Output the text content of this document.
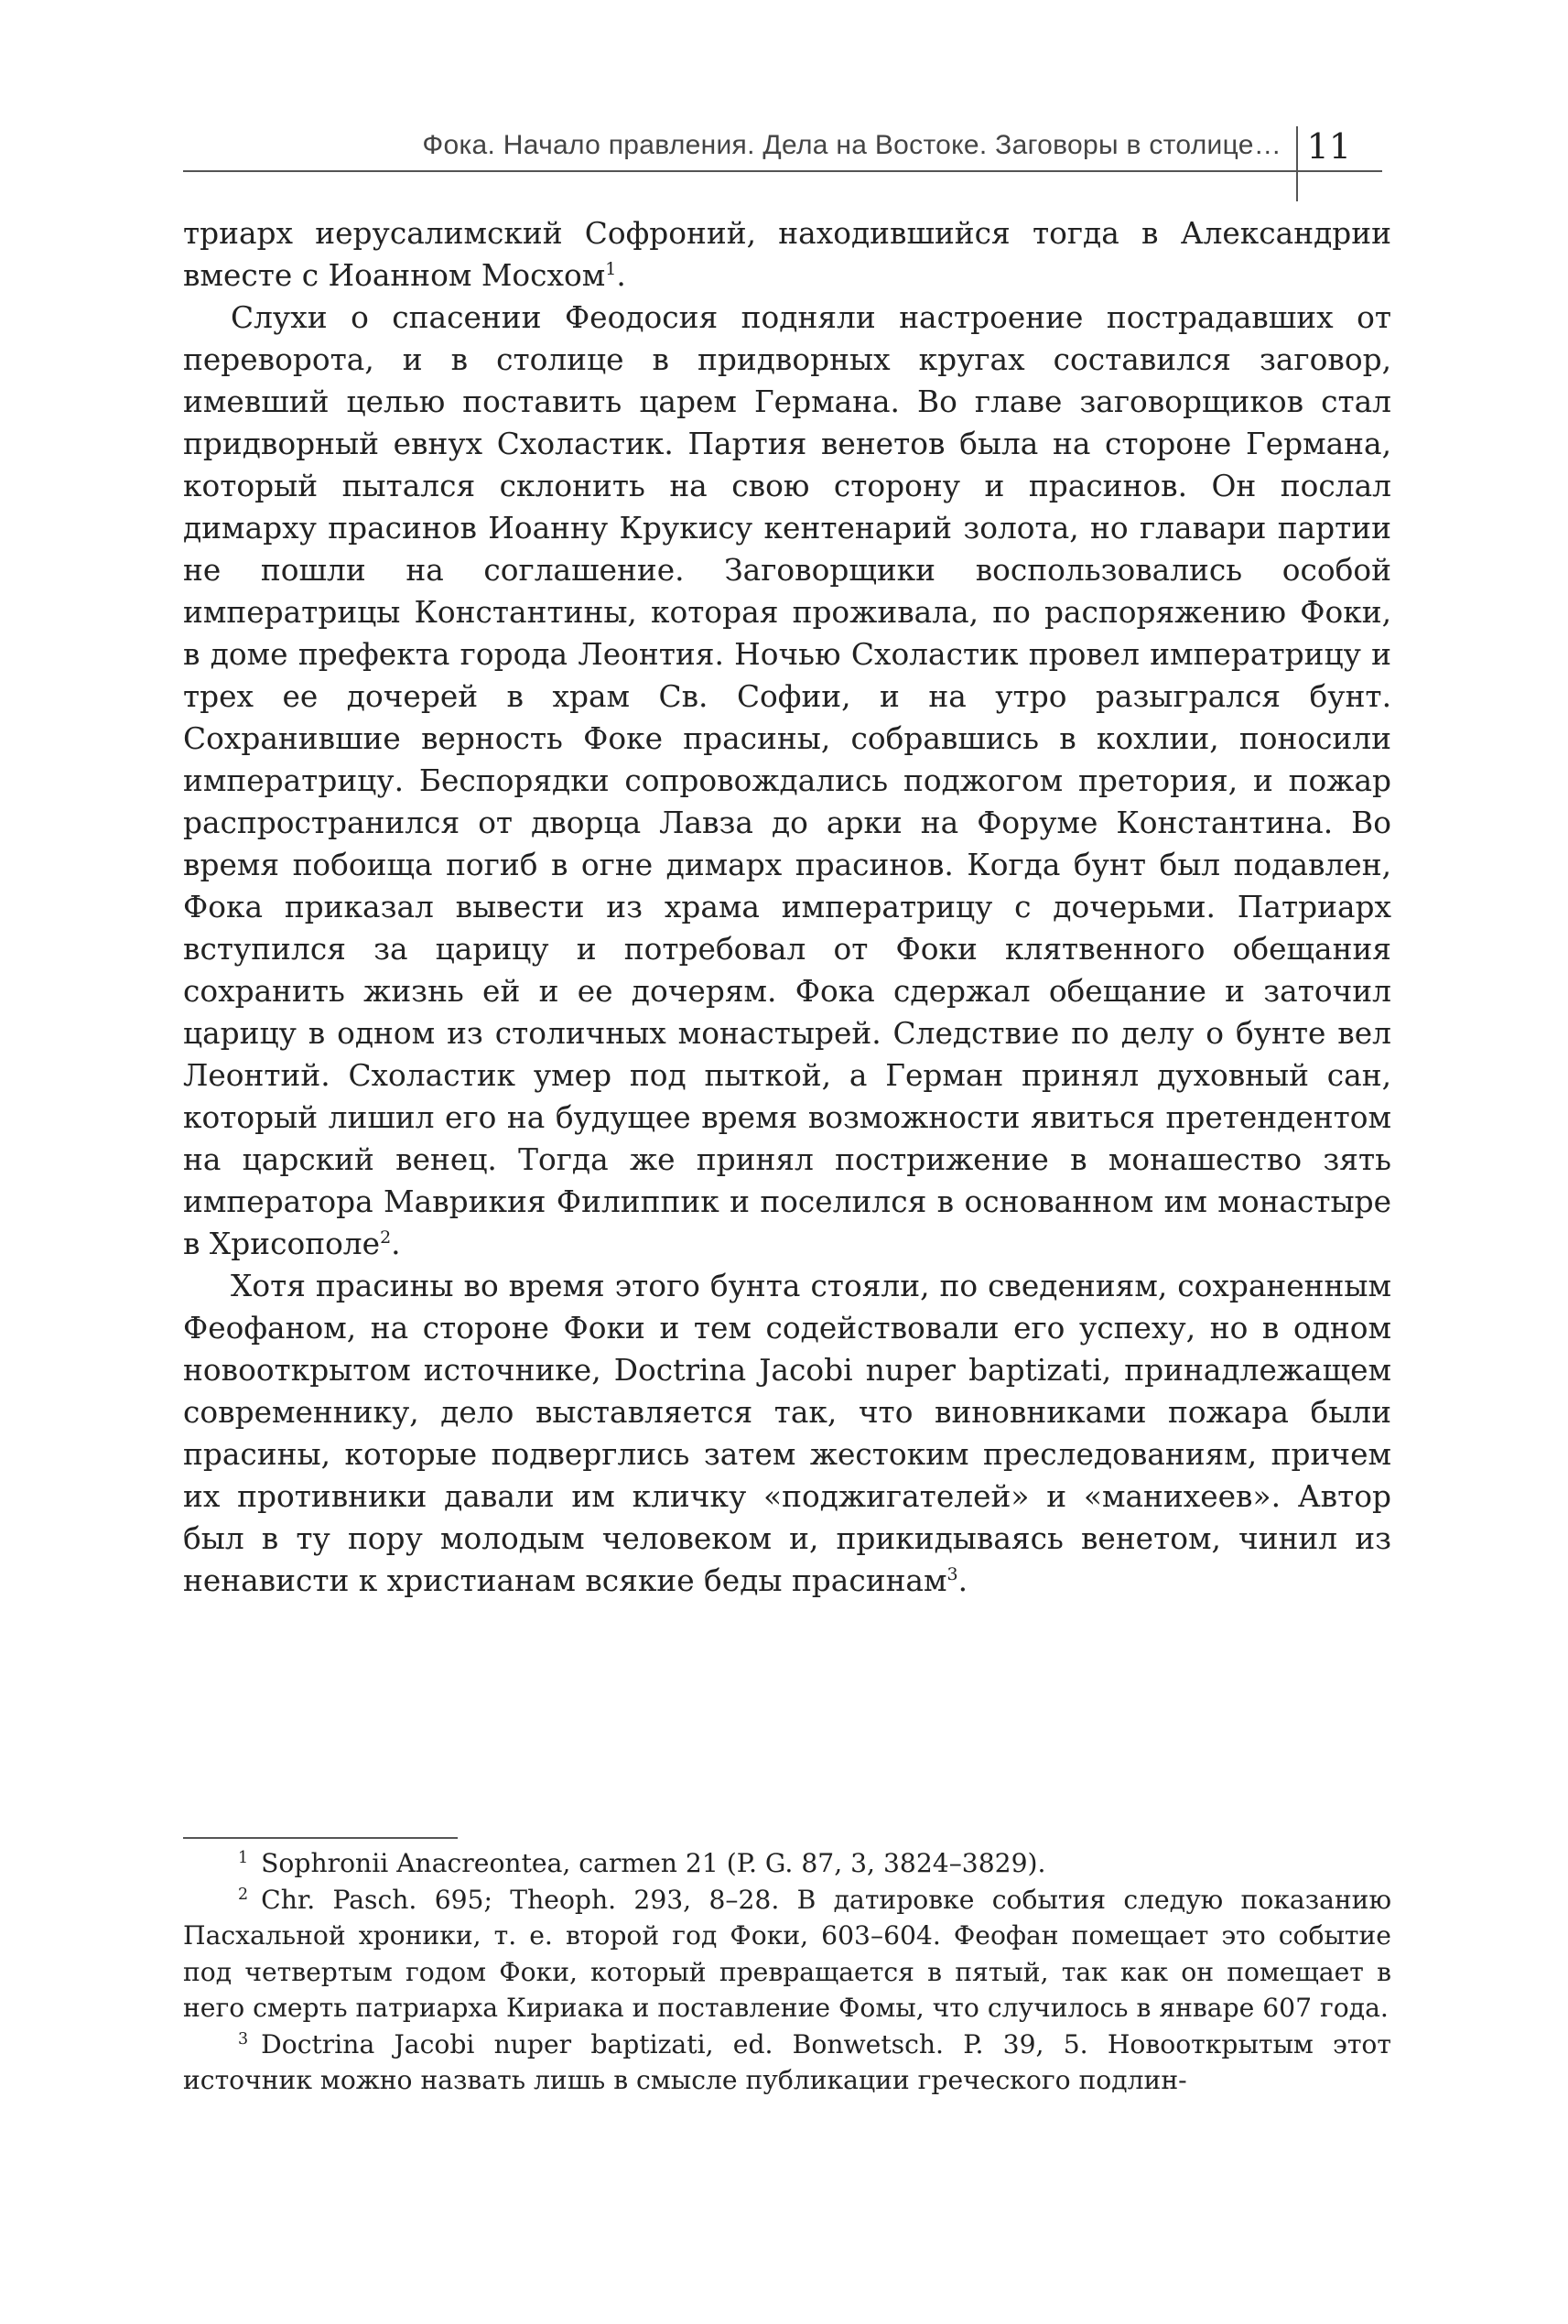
Фока. Начало правления. Дела на Востоке. Заговоры в столице… 11

триарх иерусалимский Софроний, находившийся тогда в Александрии вместе с Иоанном Мосхом$^1$.

Слухи о спасении Феодосия подняли настроение пострадавших от переворота, и в столице в придворных кругах составился заговор, имевший целью поставить царем Германа. Во главе заговорщиков стал придворный евнух Схоластик. Партия венетов была на стороне Германа, который пытался склонить на свою сторону и прасинов. Он послал димарху прасинов Иоанну Крукису кентенарий золота, но главари партии не пошли на соглашение. Заговорщики воспользовались особой императрицы Константины, которая проживала, по распоряжению Фоки, в доме префекта города Леонтия. Ночью Схоластик провел императрицу и трех ее дочерей в храм Св. Софии, и на утро разыгрался бунт. Сохранившие верность Фоке прасины, собравшись в кохлии, поносили императрицу. Беспорядки сопровождались поджогом претория, и пожар распространился от дворца Лавза до арки на Форуме Константина. Во время побоища погиб в огне димарх прасинов. Когда бунт был подавлен, Фока приказал вывести из храма императрицу с дочерьми. Патриарх вступился за царицу и потребовал от Фоки клятвенного обещания сохранить жизнь ей и ее дочерям. Фока сдержал обещание и заточил царицу в одном из столичных монастырей. Следствие по делу о бунте вел Леонтий. Схоластик умер под пыткой, а Герман принял духовный сан, который лишил его на будущее время возможности явиться претендентом на царский венец. Тогда же принял пострижение в монашество зять императора Маврикия Филиппик и поселился в основанном им монастыре в Хрисополе$^2$.

Хотя прасины во время этого бунта стояли, по сведениям, сохраненным Феофаном, на стороне Фоки и тем содействовали его успеху, но в одном новооткрытом источнике, Doctrina Jacobi nuper baptizati, принадлежащем современнику, дело выставляется так, что виновниками пожара были прасины, которые подверглись затем жестоким преследованиям, причем их противники давали им кличку «поджигателей» и «манихеев». Автор был в ту пору молодым человеком и, прикидываясь венетом, чинил из ненависти к христианам всякие беды прасинам$^3$.

$^1$ Sophronii Anacreontea, carmen 21 (P. G. 87, 3, 3824–3829).

$^2$ Chr. Pasch. 695; Theoph. 293, 8–28. В датировке события следую показанию Пасхальной хроники, т. е. второй год Фоки, 603–604. Феофан помещает это событие под четвертым годом Фоки, который превращается в пятый, так как он помещает в него смерть патриарха Кириака и поставление Фомы, что случилось в январе 607 года.

$^3$ Doctrina Jacobi nuper baptizati, ed. Bonwetsch. P. 39, 5. Новооткрытым этот источник можно назвать лишь в смысле публикации греческого подлин-
